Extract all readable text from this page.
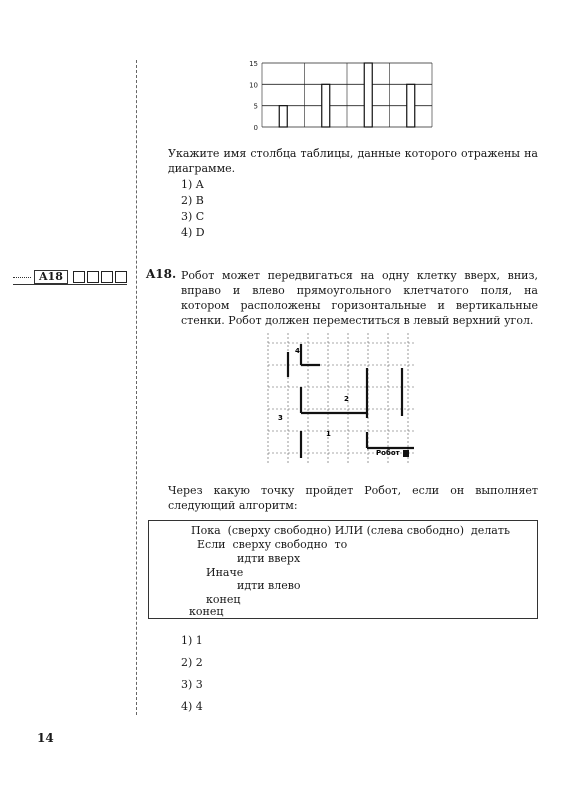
15
10
5
0
Укажите имя столбца таблицы, данные которого отражены на диаграмме.
1) A
2) B
3) C
4) D
A18	A18. Робот может передвигаться на одну клетку вверх, вниз, вправо и влево прямоугольного клетчатого поля, на котором расположены горизонтальные и вертикальные стенки. Робот должен переместиться в левый верхний угол.
4
2
3
1
Робот
Через какую точку пройдет Робот, если он выполняет следующий алгоритм:
Пока  (сверху свободно) ИЛИ (слева свободно)  делать
Если  сверху свободно  то
идти вверх
Иначе
идти влево
конец
конец
1) 1
2) 2
3) 3
4) 4
14
